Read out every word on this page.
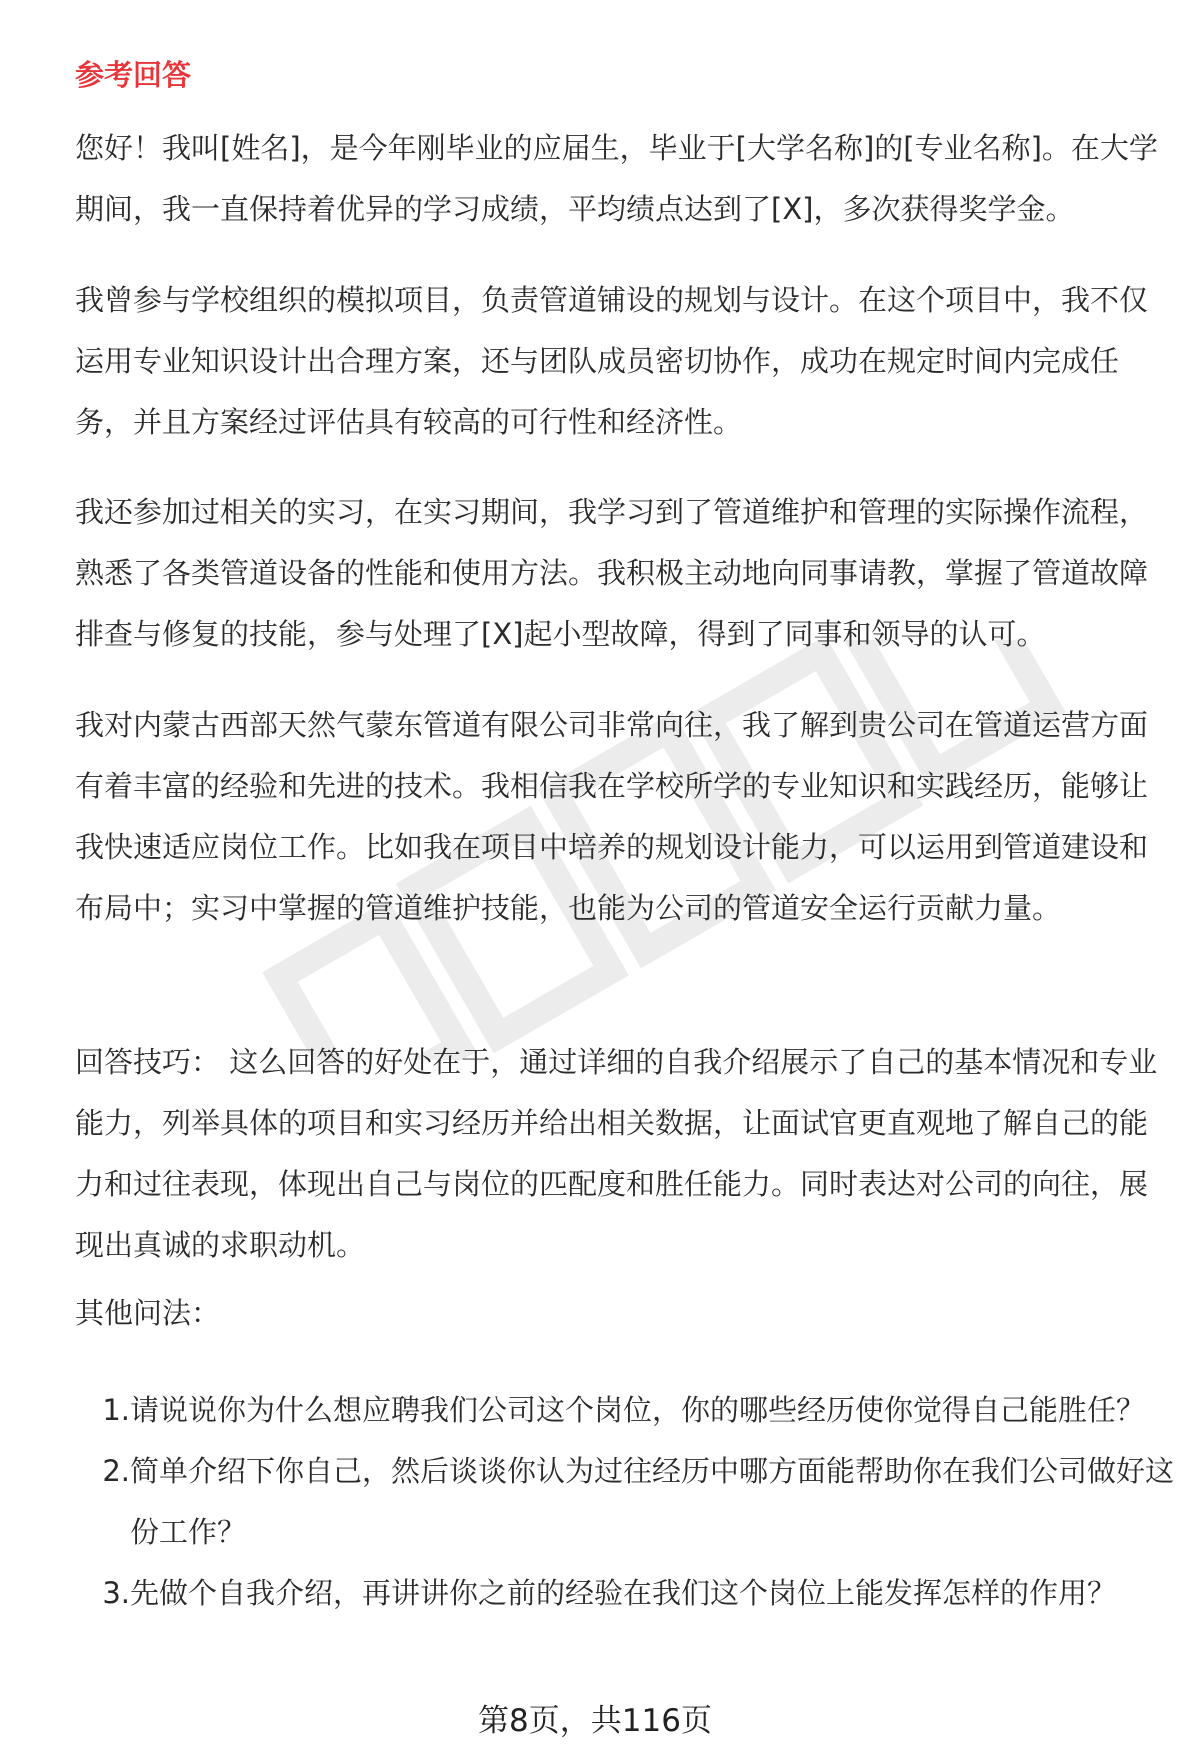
参考回答

您好！我叫[姓名]，是今年刚毕业的应届生，毕业于[大学名称]的[专业名称]。在大学期间，我一直保持着优异的学习成绩，平均绩点达到了[X]，多次获得奖学金。

我曾参与学校组织的模拟项目，负责管道铺设的规划与设计。在这个项目中，我不仅运用专业知识设计出合理方案，还与团队成员密切协作，成功在规定时间内完成任务，并且方案经过评估具有较高的可行性和经济性。

我还参加过相关的实习，在实习期间，我学习到了管道维护和管理的实际操作流程，熟悉了各类管道设备的性能和使用方法。我积极主动地向同事请教，掌握了管道故障排查与修复的技能，参与处理了[X]起小型故障，得到了同事和领导的认可。

我对内蒙古西部天然气蒙东管道有限公司非常向往，我了解到贵公司在管道运营方面有着丰富的经验和先进的技术。我相信我在学校所学的专业知识和实践经历，能够让我快速适应岗位工作。比如我在项目中培养的规划设计能力，可以运用到管道建设和布局中；实习中掌握的管道维护技能，也能为公司的管道安全运行贡献力量。

回答技巧： 这么回答的好处在于，通过详细的自我介绍展示了自己的基本情况和专业能力，列举具体的项目和实习经历并给出相关数据，让面试官更直观地了解自己的能力和过往表现，体现出自己与岗位的匹配度和胜任能力。同时表达对公司的向往，展现出真诚的求职动机。

其他问法：

1. 请说说你为什么想应聘我们公司这个岗位，你的哪些经历使你觉得自己能胜任？
2. 简单介绍下你自己，然后谈谈你认为过往经历中哪方面能帮助你在我们公司做好这份工作？
3. 先做个自我介绍，再讲讲你之前的经验在我们这个岗位上能发挥怎样的作用？
第8页，共116页
